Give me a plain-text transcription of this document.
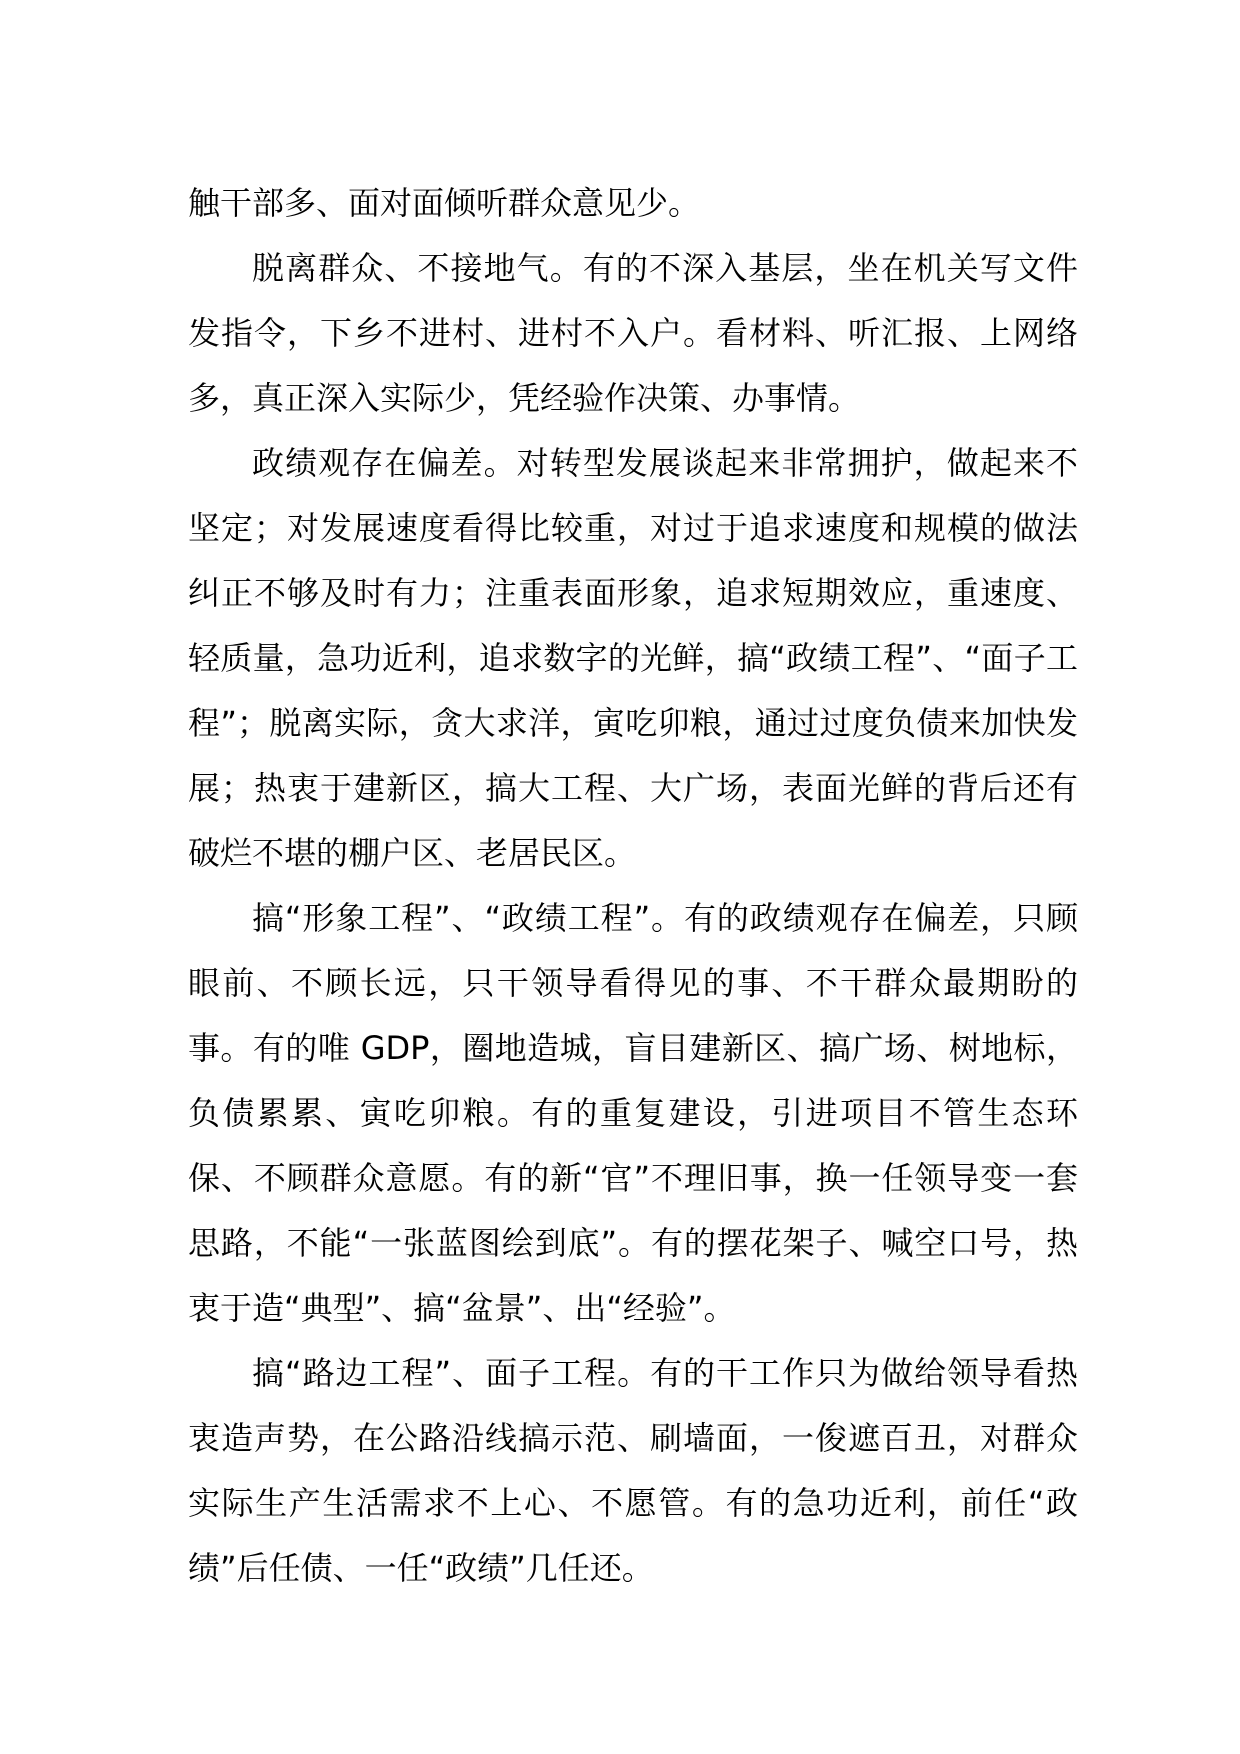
触干部多、面对面倾听群众意见少。

脱离群众、不接地气。有的不深入基层，坐在机关写文件发指令，下乡不进村、进村不入户。看材料、听汇报、上网络多，真正深入实际少，凭经验作决策、办事情。

政绩观存在偏差。对转型发展谈起来非常拥护，做起来不坚定；对发展速度看得比较重，对过于追求速度和规模的做法纠正不够及时有力；注重表面形象，追求短期效应，重速度、轻质量，急功近利，追求数字的光鲜，搞“政绩工程”、“面子工程”；脱离实际，贪大求洋，寅吃卯粮，通过过度负债来加快发展；热衷于建新区，搞大工程、大广场，表面光鲜的背后还有破烂不堪的棚户区、老居民区。

搞“形象工程”、“政绩工程”。有的政绩观存在偏差，只顾眼前、不顾长远，只干领导看得见的事、不干群众最期盼的事。有的唯 GDP，圈地造城，盲目建新区、搞广场、树地标，负债累累、寅吃卯粮。有的重复建设，引进项目不管生态环保、不顾群众意愿。有的新“官”不理旧事，换一任领导变一套思路，不能“一张蓝图绘到底”。有的摆花架子、喊空口号，热衷于造“典型”、搞“盆景”、出“经验”。

搞“路边工程”、面子工程。有的干工作只为做给领导看热衷造声势，在公路沿线搞示范、刷墙面，一俊遮百丑，对群众实际生产生活需求不上心、不愿管。有的急功近利，前任“政绩”后任债、一任“政绩”几任还。
